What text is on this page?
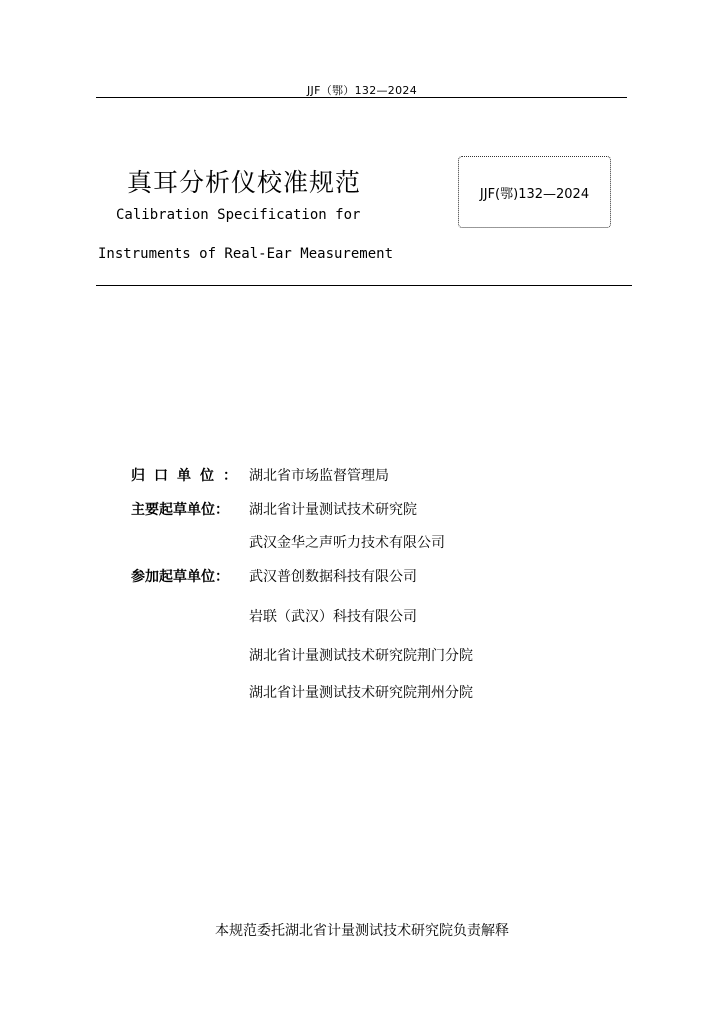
JJF（鄂）132—2024
真耳分析仪校准规范
Calibration Specification for
Instruments of Real-Ear Measurement
JJF(鄂)132—2024
归口单位： 湖北省市场监督管理局
主要起草单位：	湖北省计量测试技术研究院
武汉金华之声听力技术有限公司
参加起草单位：	武汉普创数据科技有限公司
岩联（武汉）科技有限公司
湖北省计量测试技术研究院荆门分院
湖北省计量测试技术研究院荆州分院
本规范委托湖北省计量测试技术研究院负责解释
